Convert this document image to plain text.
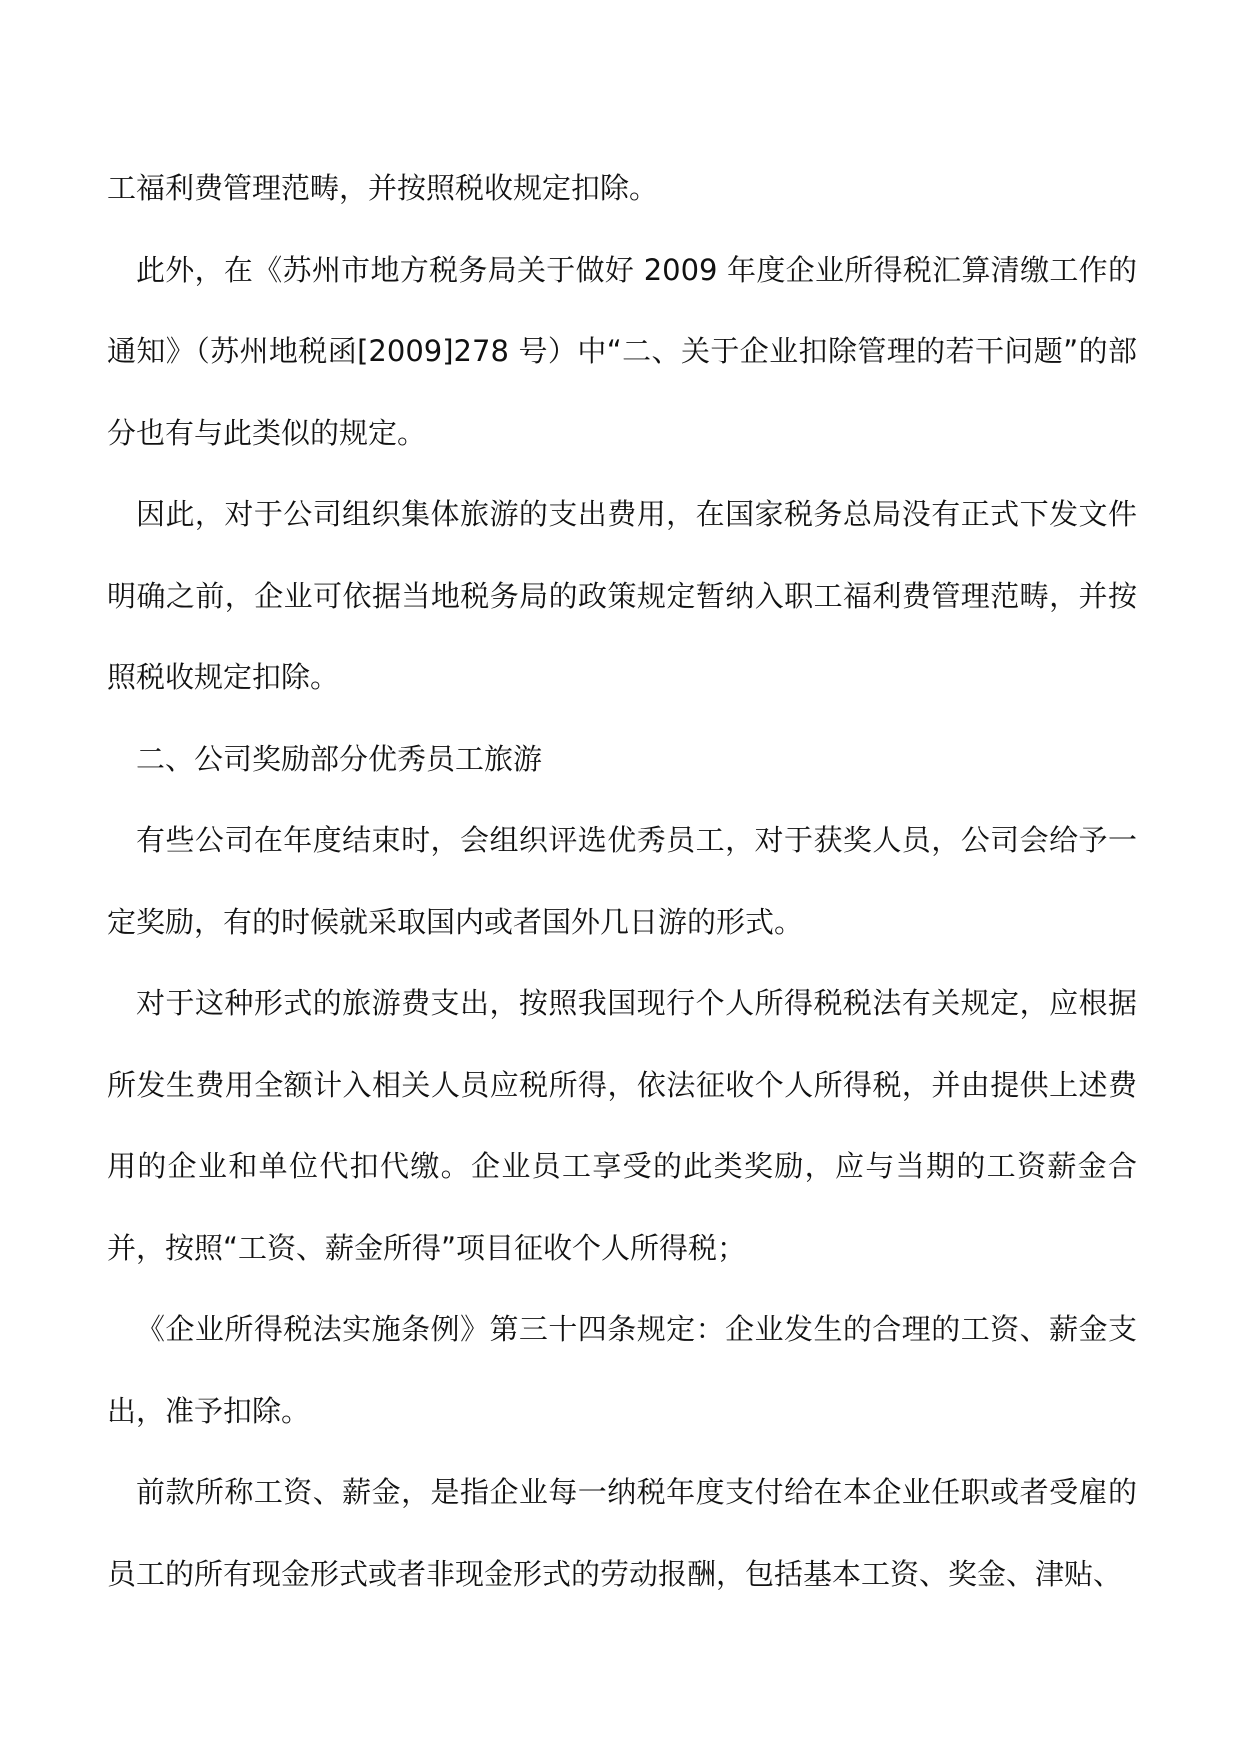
工福利费管理范畴，并按照税收规定扣除。

此外，在《苏州市地方税务局关于做好 2009 年度企业所得税汇算清缴工作的通知》（苏州地税函[2009]278 号）中“二、关于企业扣除管理的若干问题”的部分也有与此类似的规定。

因此，对于公司组织集体旅游的支出费用，在国家税务总局没有正式下发文件明确之前，企业可依据当地税务局的政策规定暂纳入职工福利费管理范畴，并按照税收规定扣除。

二、公司奖励部分优秀员工旅游

有些公司在年度结束时，会组织评选优秀员工，对于获奖人员，公司会给予一定奖励，有的时候就采取国内或者国外几日游的形式。

对于这种形式的旅游费支出，按照我国现行个人所得税税法有关规定，应根据所发生费用全额计入相关人员应税所得，依法征收个人所得税，并由提供上述费用的企业和单位代扣代缴。企业员工享受的此类奖励，应与当期的工资薪金合并，按照“工资、薪金所得”项目征收个人所得税；

《企业所得税法实施条例》第三十四条规定：企业发生的合理的工资、薪金支出，准予扣除。

前款所称工资、薪金，是指企业每一纳税年度支付给在本企业任职或者受雇的员工的所有现金形式或者非现金形式的劳动报酬，包括基本工资、奖金、津贴、
